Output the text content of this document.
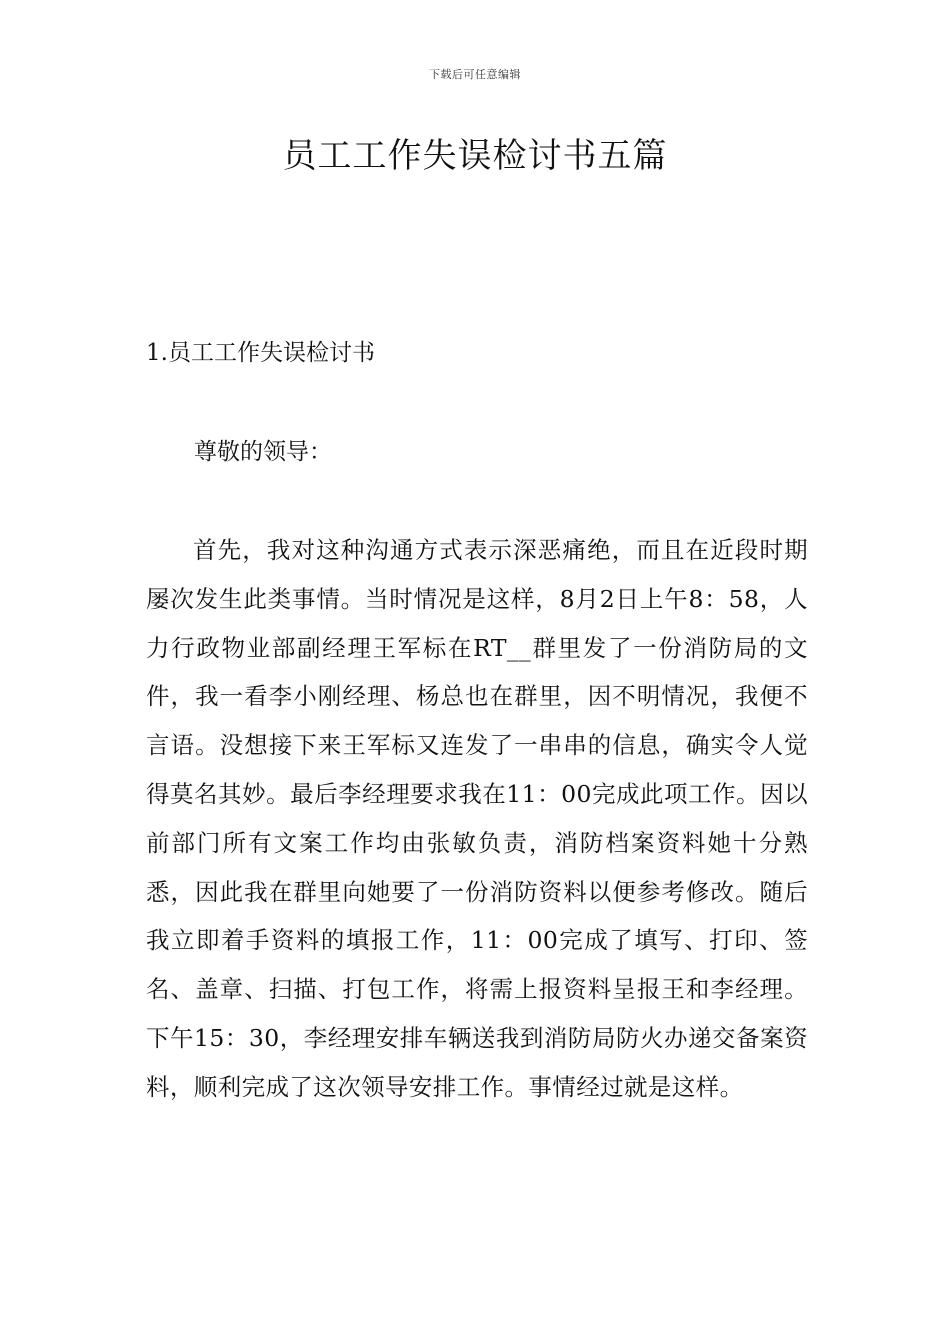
下载后可任意编辑
员工工作失误检讨书五篇
1.员工工作失误检讨书

尊敬的领导：

首先，我对这种沟通方式表示深恶痛绝，而且在近段时期屡次发生此类事情。当时情况是这样，8月2日上午8：58，人力行政物业部副经理王军标在RT__群里发了一份消防局的文件，我一看李小刚经理、杨总也在群里，因不明情况，我便不言语。没想接下来王军标又连发了一串串的信息，确实令人觉得莫名其妙。最后李经理要求我在11：00完成此项工作。因以前部门所有文案工作均由张敏负责，消防档案资料她十分熟悉，因此我在群里向她要了一份消防资料以便参考修改。随后我立即着手资料的填报工作，11：00完成了填写、打印、签名、盖章、扫描、打包工作，将需上报资料呈报王和李经理。下午15：30，李经理安排车辆送我到消防局防火办递交备案资料，顺利完成了这次领导安排工作。事情经过就是这样。
